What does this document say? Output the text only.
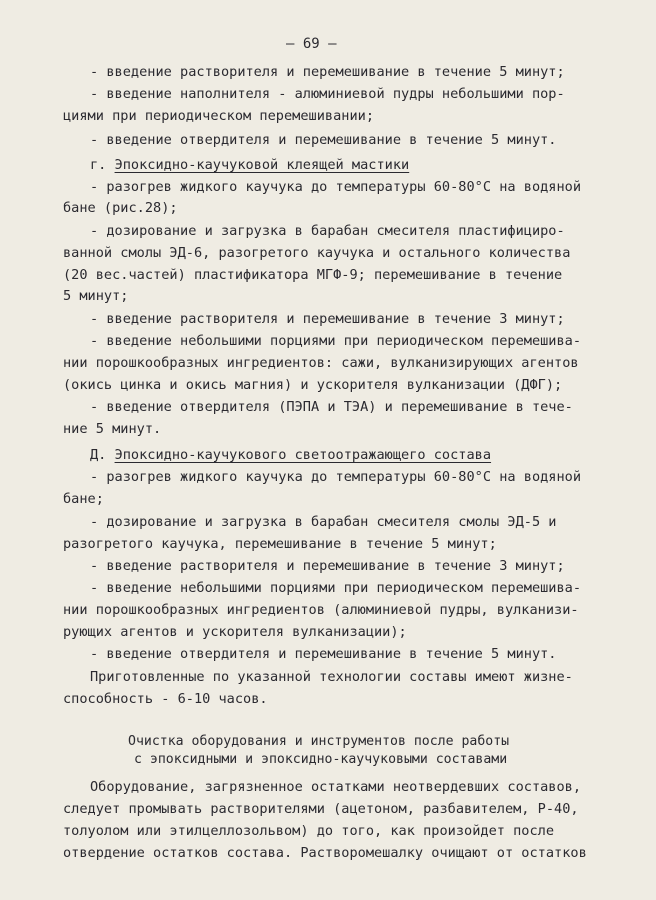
— 69 —
- введение растворителя и перемешивание в течение 5 минут;
- введение наполнителя - алюминиевой пудры небольшими пор-
циями при периодическом перемешивании;
- введение отвердителя и перемешивание в течение 5 минут.
г. Эпоксидно-каучуковой клеящей мастики
- разогрев жидкого каучука до температуры 60-80°С на водяной
бане (рис.28);
- дозирование и загрузка в барабан смесителя пластифициро-
ванной смолы ЭД-6, разогретого каучука и остального количества
(20 вес.частей) пластификатора МГФ-9; перемешивание в течение
5 минут;
- введение растворителя и перемешивание в течение 3 минут;
- введение небольшими порциями при периодическом перемешива-
нии порошкообразных ингредиентов: сажи, вулканизирующих агентов
(окись цинка и окись магния) и ускорителя вулканизации (ДФГ);
- введение отвердителя (ПЭПА и ТЭА) и перемешивание в тече-
ние 5 минут.
Д. Эпоксидно-каучукового светоотражающего состава
- разогрев жидкого каучука до температуры 60-80°С на водяной
бане;
- дозирование и загрузка в барабан смесителя смолы ЭД-5 и
разогретого каучука, перемешивание в течение 5 минут;
- введение растворителя и перемешивание в течение 3 минут;
- введение небольшими порциями при периодическом перемешива-
нии порошкообразных ингредиентов (алюминиевой пудры, вулканизи-
рующих агентов и ускорителя вулканизации);
- введение отвердителя и перемешивание в течение 5 минут.
Приготовленные по указанной технологии составы имеют жизне-
способность - 6-10 часов.
Очистка оборудования и инструментов после работы
с эпоксидными и эпоксидно-каучуковыми составами
Оборудование, загрязненное остатками неотвердевших составов,
следует промывать растворителями (ацетоном, разбавителем, Р-40,
толуолом или этилцеллозольвом) до того, как произойдет после
отвердение остатков состава. Растворомешалку очищают от остатков
